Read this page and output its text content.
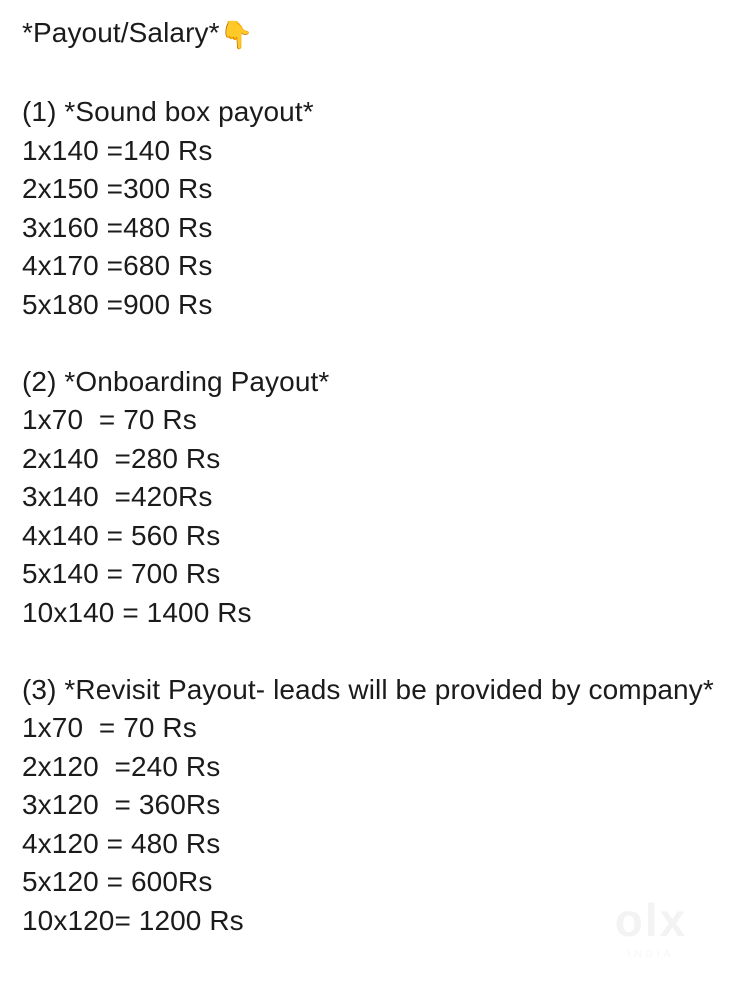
*Payout/Salary*👇
(1) *Sound box payout*
1x140 =140 Rs
2x150 =300 Rs
3x160 =480 Rs
4x170 =680 Rs
5x180 =900 Rs
(2) *Onboarding Payout*
1x70  = 70 Rs
2x140  =280 Rs
3x140  =420Rs
4x140 = 560 Rs
5x140 = 700 Rs
10x140 = 1400 Rs
(3) *Revisit Payout- leads will be provided by company*
1x70  = 70 Rs
2x120  =240 Rs
3x120  = 360Rs
4x120 = 480 Rs
5x120 = 600Rs
10x120= 1200 Rs	olx
INDIA
